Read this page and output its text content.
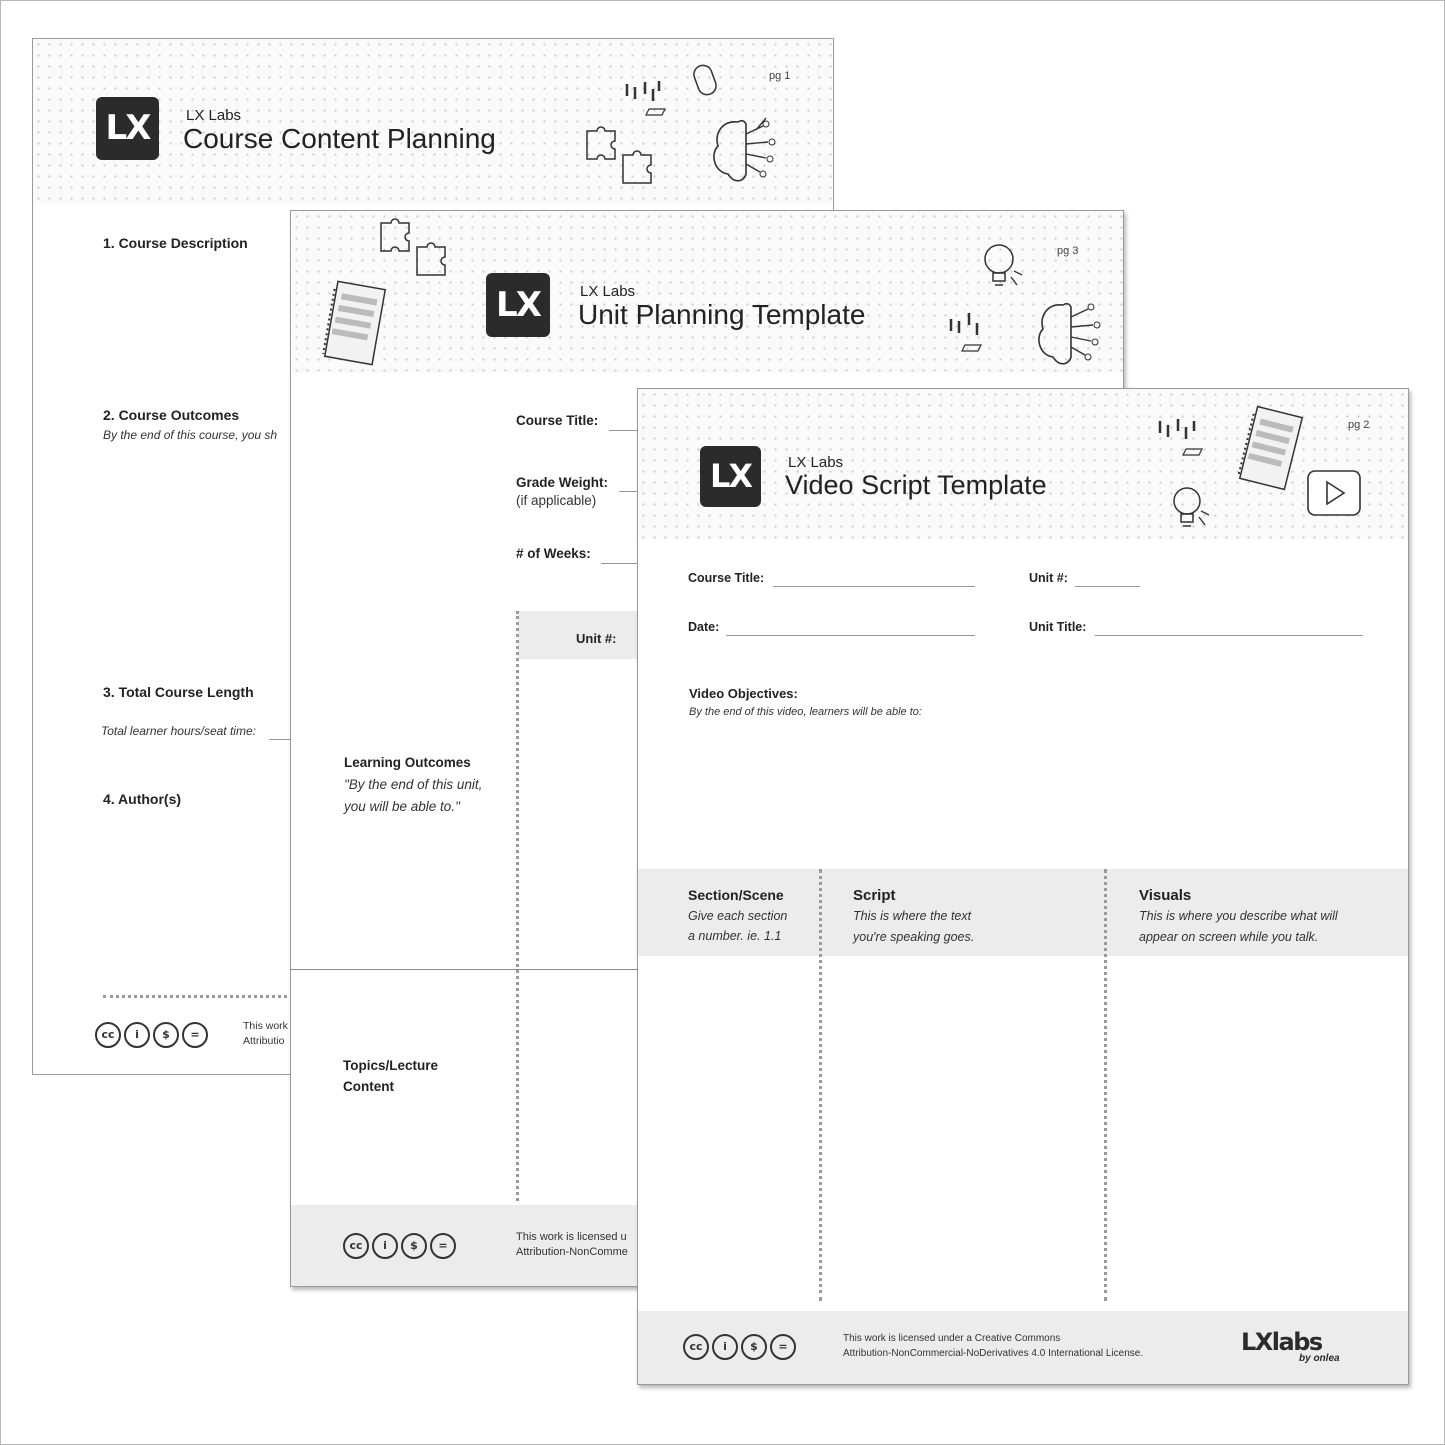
LX	LX Labs
Course Content Planning
pg 1
1. Course Description
2. Course Outcomes
By the end of this course, you sh
3. Total Course Length
Total learner hours/seat time:
4. Author(s)
cc	i	$	=
This work
Attributio
LX	LX Labs
Unit Planning Template
pg 3
Course Title:
Grade Weight:
(if applicable)
# of Weeks:
Unit #:
Learning Outcomes
"By the end of this unit,
you will be able to."
Topics/Lecture
Content
cc	i	$	=
This work is licensed u
Attribution-NonComme
LX	LX Labs
Video Script Template
pg 2
Course Title:	Unit #:
Date:	Unit Title:
Video Objectives:
By the end of this video, learners will be able to:
Section/Scene
Give each section
a number. ie. 1.1
Script
This is where the text
you're speaking goes.
Visuals
This is where you describe what will
appear on screen while you talk.
cc	i	$	=
This work is licensed under a Creative Commons
Attribution-NonCommercial-NoDerivatives 4.0 International License.	LXlabs
by onlea
